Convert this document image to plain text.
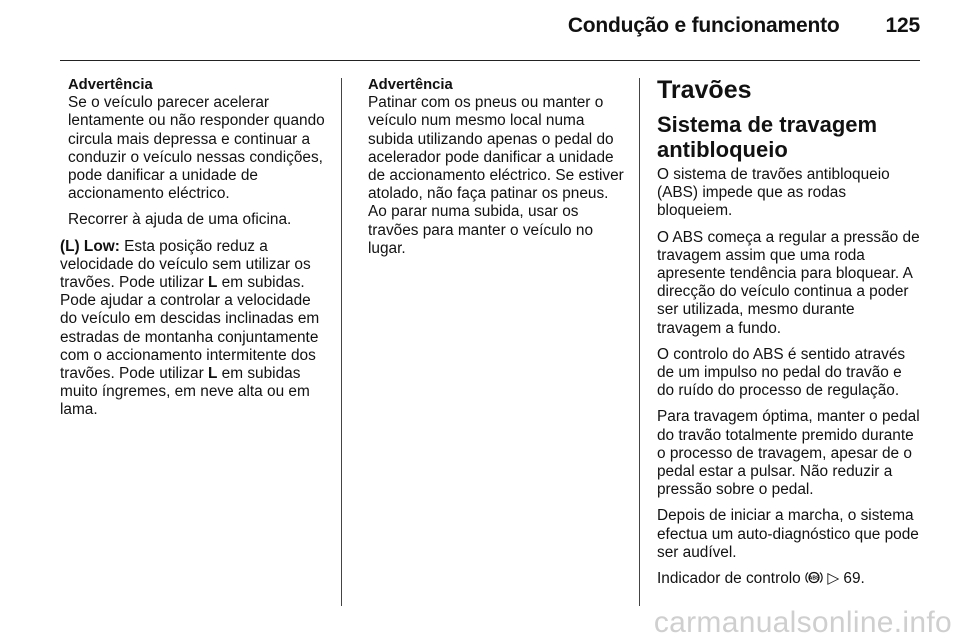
Condução e funcionamento 125
Advertência

Se o veículo parecer acelerar lentamente ou não responder quando circula mais depressa e continuar a conduzir o veículo nessas condições, pode danificar a unidade de accionamento eléctrico.

Recorrer à ajuda de uma oficina.

(L) Low: Esta posição reduz a velocidade do veículo sem utilizar os travões. Pode utilizar L em subidas. Pode ajudar a controlar a velocidade do veículo em descidas inclinadas em estradas de montanha conjuntamente com o accionamento intermitente dos travões. Pode utilizar L em subidas muito íngremes, em neve alta ou em lama.

Advertência

Patinar com os pneus ou manter o veículo num mesmo local numa subida utilizando apenas o pedal do acelerador pode danificar a unidade de accionamento eléctrico. Se estiver atolado, não faça patinar os pneus. Ao parar numa subida, usar os travões para manter o veículo no lugar.

Travões
Sistema de travagem antibloqueio

O sistema de travões antibloqueio (ABS) impede que as rodas bloqueiem.

O ABS começa a regular a pressão de travagem assim que uma roda apresente tendência para bloquear. A direcção do veículo continua a poder ser utilizada, mesmo durante travagem a fundo.

O controlo do ABS é sentido através de um impulso no pedal do travão e do ruído do processo de regulação.

Para travagem óptima, manter o pedal do travão totalmente premido durante o processo de travagem, apesar de o pedal estar a pulsar. Não reduzir a pressão sobre o pedal.

Depois de iniciar a marcha, o sistema efectua um auto-diagnóstico que pode ser audível.

Indicador de controlo ABS ▷ 69.

carmanualsonline.info
